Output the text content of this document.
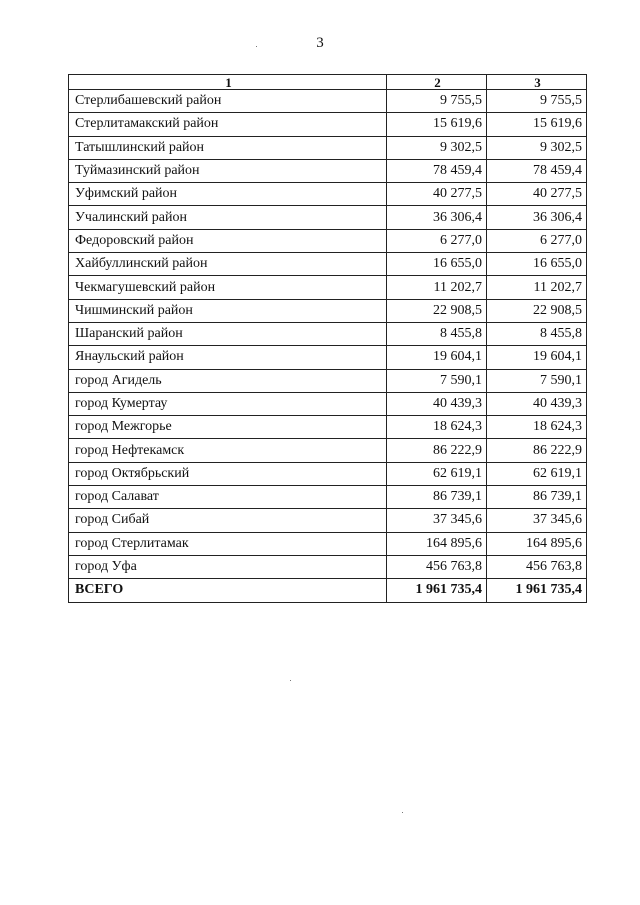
3
1	2	3
Стерлибашевский район	9 755,5	9 755,5
Стерлитамакский район	15 619,6	15 619,6
Татышлинский район	9 302,5	9 302,5
Туймазинский район	78 459,4	78 459,4
Уфимский район	40 277,5	40 277,5
Учалинский район	36 306,4	36 306,4
Федоровский район	6 277,0	6 277,0
Хайбуллинский район	16 655,0	16 655,0
Чекмагушевский район	11 202,7	11 202,7
Чишминский район	22 908,5	22 908,5
Шаранский район	8 455,8	8 455,8
Янаульский район	19 604,1	19 604,1
город Агидель	7 590,1	7 590,1
город Кумертау	40 439,3	40 439,3
город Межгорье	18 624,3	18 624,3
город Нефтекамск	86 222,9	86 222,9
город Октябрьский	62 619,1	62 619,1
город Салават	86 739,1	86 739,1
город Сибай	37 345,6	37 345,6
город Стерлитамак	164 895,6	164 895,6
город Уфа	456 763,8	456 763,8
ВСЕГО	1 961 735,4	1 961 735,4
